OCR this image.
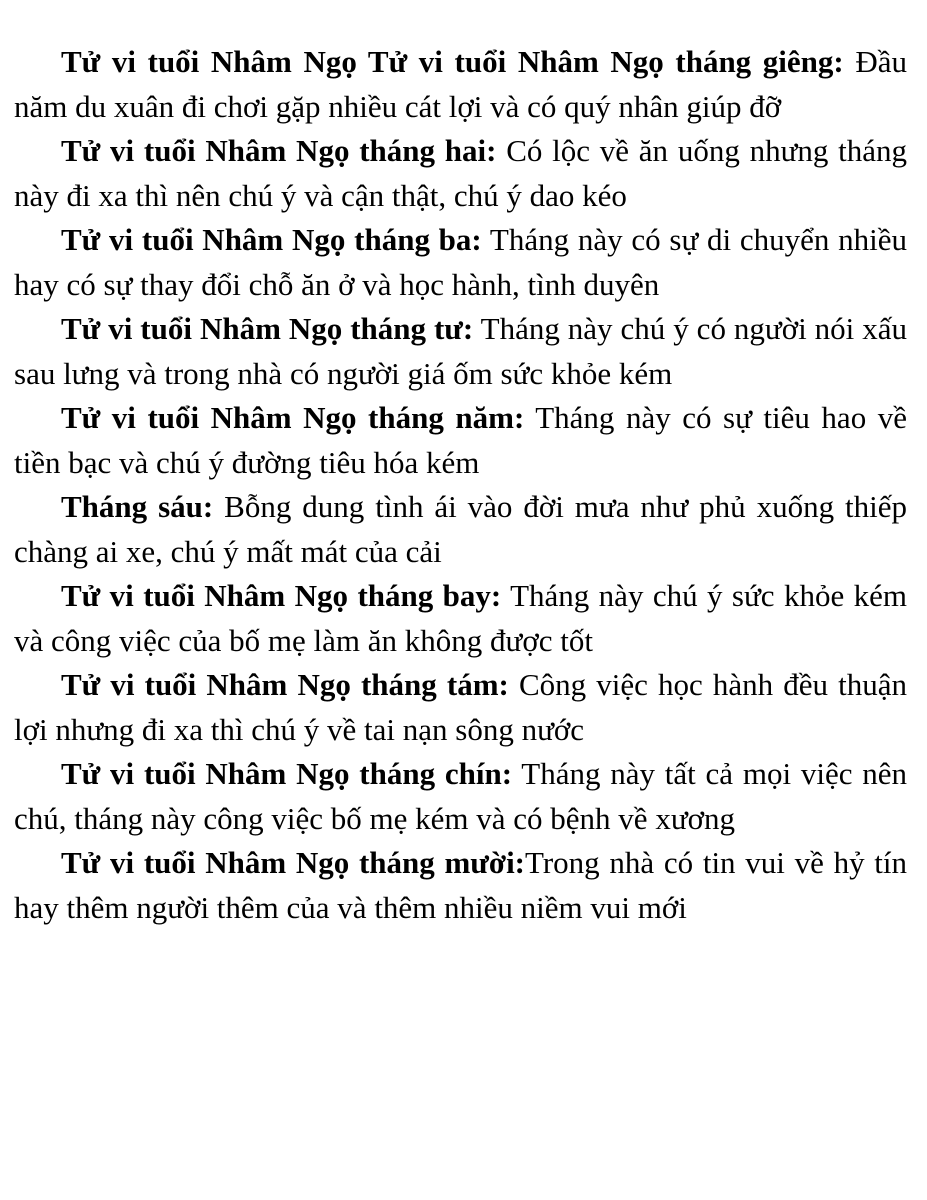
Tử vi tuổi Nhâm Ngọ Tử vi tuổi Nhâm Ngọ tháng giêng: Đầu năm du xuân đi chơi gặp nhiều cát lợi và có quý nhân giúp đỡ

Tử vi tuổi Nhâm Ngọ tháng hai: Có lộc về ăn uống nhưng tháng này đi xa thì nên chú ý và cận thật, chú ý dao kéo

Tử vi tuổi Nhâm Ngọ tháng ba: Tháng này có sự di chuyển nhiều hay có sự thay đổi chỗ ăn ở và học hành, tình duyên

Tử vi tuổi Nhâm Ngọ tháng tư: Tháng này chú ý có người nói xấu sau lưng và trong nhà có người giá ốm sức khỏe kém

Tử vi tuổi Nhâm Ngọ tháng năm: Tháng này có sự tiêu hao về tiền bạc và chú ý đường tiêu hóa kém

Tháng sáu: Bỗng dung tình ái vào đời mưa như phủ xuống thiếp chàng ai xe, chú ý mất mát của cải

Tử vi tuổi Nhâm Ngọ tháng bay: Tháng này chú ý sức khỏe kém và công việc của bố mẹ làm ăn không được tốt

Tử vi tuổi Nhâm Ngọ tháng tám: Công việc học hành đều thuận lợi nhưng đi xa thì chú ý về tai nạn sông nước

Tử vi tuổi Nhâm Ngọ tháng chín: Tháng này tất cả mọi việc nên chú, tháng này công việc bố mẹ kém và có bệnh về xương

Tử vi tuổi Nhâm Ngọ tháng mười:Trong nhà có tin vui về hỷ tín hay thêm người thêm của và thêm nhiều niềm vui mới
